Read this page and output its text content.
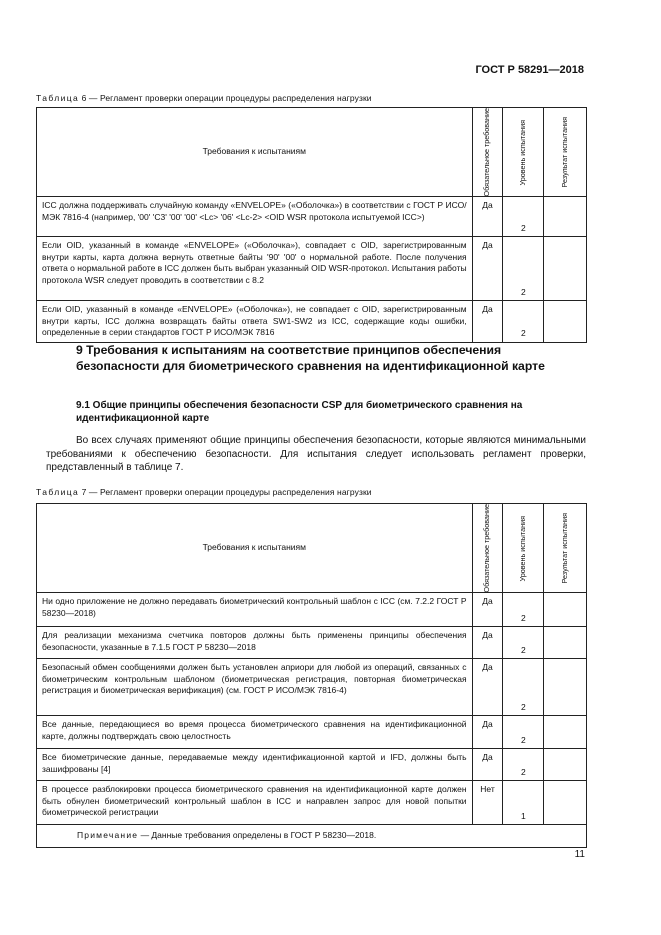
ГОСТ Р 58291—2018
Таблица 6 — Регламент проверки операции процедуры распределения нагрузки
Требования к испытаниям	Обязательное требование	Уровень испытания	Результат испытания

ICC должна поддерживать случайную команду «ENVELOPE» («Оболочка») в соответствии с ГОСТ Р ИСО/МЭК 7816-4 (например, '00' 'C3' '00' '00' <Lc> '06' <Lc-2> <OID WSR протокола испытуемой ICC>)	Да	2	
Если OID, указанный в команде «ENVELOPE» («Оболочка»), совпадает с OID, зарегистрированным внутри карты, карта должна вернуть ответные байты '90' '00' о нормальной работе. После получения ответа о нормальной работе в ICC должен быть выбран указанный OID WSR-протокол. Испытания работы протокола WSR следует проводить в соответствии с 8.2	Да	2	
Если OID, указанный в команде «ENVELOPE» («Оболочка»), не совпадает с OID, зарегистрированным внутри карты, ICC должна возвращать байты ответа SW1-SW2 из ICC, содержащие коды ошибки, определенные в серии стандартов ГОСТ Р ИСО/МЭК 7816	Да	2	
9 Требования к испытаниям на соответствие принципов обеспечения безопасности для биометрического сравнения на идентификационной карте
9.1 Общие принципы обеспечения безопасности CSP для биометрического сравнения на идентификационной карте
Во всех случаях применяют общие принципы обеспечения безопасности, которые являются минимальными требованиями к обеспечению безопасности. Для испытания следует использовать регламент проверки, представленный в таблице 7.
Таблица 7 — Регламент проверки операции процедуры распределения нагрузки
Требования к испытаниям	Обязательное требование	Уровень испытания	Результат испытания

Ни одно приложение не должно передавать биометрический контрольный шаблон с ICC (см. 7.2.2 ГОСТ Р 58230—2018)	Да	2	
Для реализации механизма счетчика повторов должны быть применены принципы обеспечения безопасности, указанные в 7.1.5 ГОСТ Р 58230—2018	Да	2	
Безопасный обмен сообщениями должен быть установлен априори для любой из операций, связанных с биометрическим контрольным шаблоном (биометрическая регистрация, повторная биометрическая регистрация и биометрическая верификация) (см. ГОСТ Р ИСО/МЭК 7816-4)	Да	2	
Все данные, передающиеся во время процесса биометрического сравнения на идентификационной карте, должны подтверждать свою целостность	Да	2	
Все биометрические данные, передаваемые между идентификационной картой и IFD, должны быть зашифрованы [4]	Да	2	
В процессе разблокировки процесса биометрического сравнения на идентификационной карте должен быть обнулен биометрический контрольный шаблон в ICC и направлен запрос для новой попытки биометрической регистрации	Нет	1	
Примечание — Данные требования определены в ГОСТ Р 58230—2018.			
11
